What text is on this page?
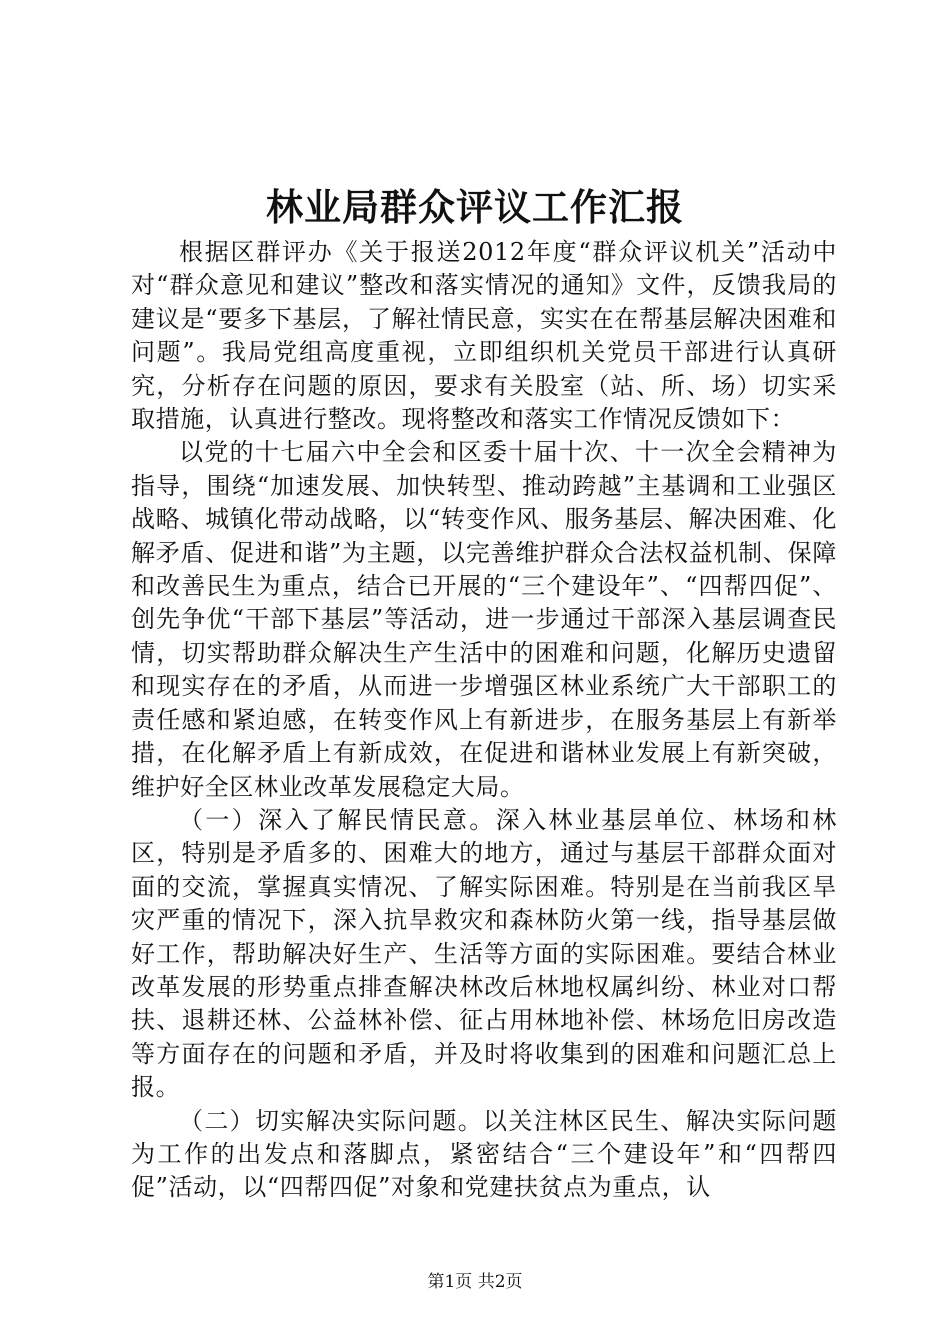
林业局群众评议工作汇报

根据区群评办《关于报送2012年度“群众评议机关”活动中对“群众意见和建议”整改和落实情况的通知》文件，反馈我局的建议是“要多下基层，了解社情民意，实实在在帮基层解决困难和问题”。我局党组高度重视，立即组织机关党员干部进行认真研究，分析存在问题的原因，要求有关股室（站、所、场）切实采取措施，认真进行整改。现将整改和落实工作情况反馈如下：

以党的十七届六中全会和区委十届十次、十一次全会精神为指导，围绕“加速发展、加快转型、推动跨越”主基调和工业强区战略、城镇化带动战略，以“转变作风、服务基层、解决困难、化解矛盾、促进和谐”为主题，以完善维护群众合法权益机制、保障和改善民生为重点，结合已开展的“三个建设年”、“四帮四促”、创先争优“干部下基层”等活动，进一步通过干部深入基层调查民情，切实帮助群众解决生产生活中的困难和问题，化解历史遗留和现实存在的矛盾，从而进一步增强区林业系统广大干部职工的责任感和紧迫感，在转变作风上有新进步，在服务基层上有新举措，在化解矛盾上有新成效，在促进和谐林业发展上有新突破，维护好全区林业改革发展稳定大局。

（一）深入了解民情民意。深入林业基层单位、林场和林区，特别是矛盾多的、困难大的地方，通过与基层干部群众面对面的交流，掌握真实情况、了解实际困难。特别是在当前我区旱灾严重的情况下，深入抗旱救灾和森林防火第一线，指导基层做好工作，帮助解决好生产、生活等方面的实际困难。要结合林业改革发展的形势重点排查解决林改后林地权属纠纷、林业对口帮扶、退耕还林、公益林补偿、征占用林地补偿、林场危旧房改造等方面存在的问题和矛盾，并及时将收集到的困难和问题汇总上报。

（二）切实解决实际问题。以关注林区民生、解决实际问题为工作的出发点和落脚点，紧密结合“三个建设年”和“四帮四促”活动，以“四帮四促”对象和党建扶贫点为重点，认

第1页 共2页
